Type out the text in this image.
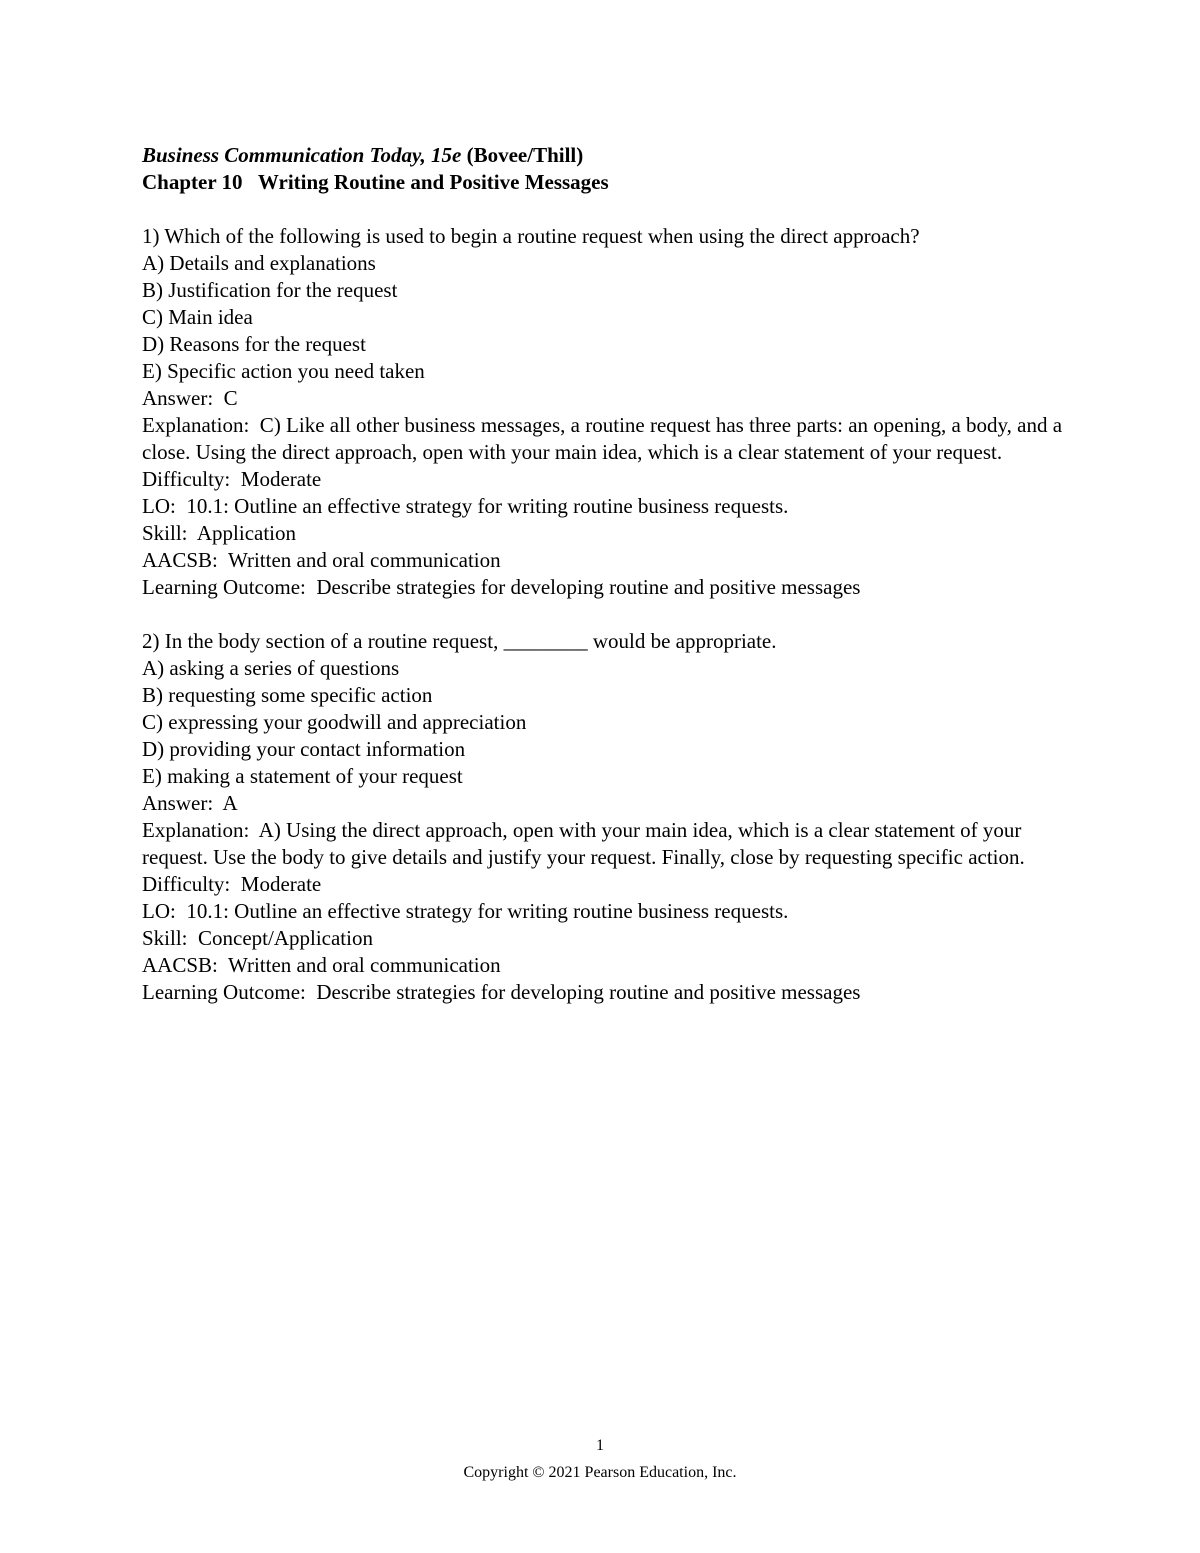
Business Communication Today, 15e (Bovee/Thill)

Chapter 10   Writing Routine and Positive Messages

1) Which of the following is used to begin a routine request when using the direct approach?

A) Details and explanations

B) Justification for the request

C) Main idea

D) Reasons for the request

E) Specific action you need taken

Answer:  C

Explanation:  C) Like all other business messages, a routine request has three parts: an opening, a body, and a close. Using the direct approach, open with your main idea, which is a clear statement of your request.

Difficulty:  Moderate

LO:  10.1: Outline an effective strategy for writing routine business requests.

Skill:  Application

AACSB:  Written and oral communication

Learning Outcome:  Describe strategies for developing routine and positive messages

2) In the body section of a routine request, ________ would be appropriate.

A) asking a series of questions

B) requesting some specific action

C) expressing your goodwill and appreciation

D) providing your contact information

E) making a statement of your request

Answer:  A

Explanation:  A) Using the direct approach, open with your main idea, which is a clear statement of your request. Use the body to give details and justify your request. Finally, close by requesting specific action.

Difficulty:  Moderate

LO:  10.1: Outline an effective strategy for writing routine business requests.

Skill:  Concept/Application

AACSB:  Written and oral communication

Learning Outcome:  Describe strategies for developing routine and positive messages

1
Copyright © 2021 Pearson Education, Inc.
